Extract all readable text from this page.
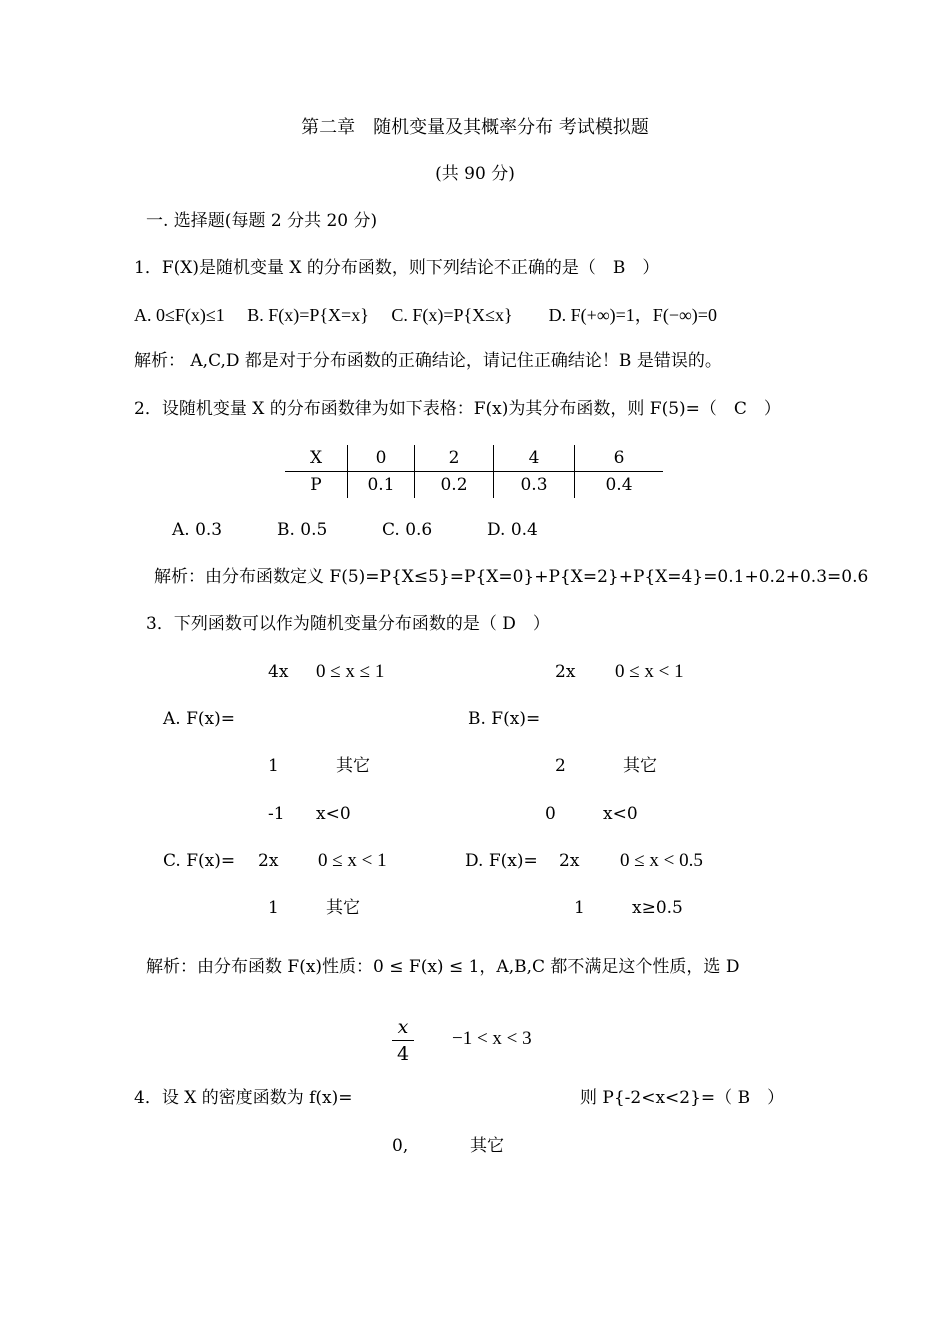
第二章　随机变量及其概率分布 考试模拟题
(共 90 分)
一. 选择题(每题 2 分共 20 分)
1．F(X)是随机变量 X 的分布函数，则下列结论不正确的是（　B　）
A. 0≤F(x)≤1　 B. F(x)=P{X=x}　 C. F(x)=P{X≤x}　　D. F(+∞)=1，F(−∞)=0
解析： A,C,D 都是对于分布函数的正确结论，请记住正确结论！B 是错误的。
2．设随机变量 X 的分布函数律为如下表格：F(x)为其分布函数，则 F(5)=（　C　）
X	0	2	4	6
P	0.1	0.2	0.3	0.4
A. 0.3	B. 0.5	C. 0.6	D. 0.4
解析：由分布函数定义 F(5)=P{X≤5}=P{X=0}+P{X=2}+P{X=4}=0.1+0.2+0.3=0.6
3．下列函数可以作为随机变量分布函数的是（ D　）
4x 0 ≤ x ≤ 1	2x 0 ≤ x < 1
A. F(x)=	B. F(x)=
1	其它	2	其它
-1 x<0	0	x<0
C. F(x)= 2x 0 ≤ x < 1	D. F(x)= 2x 0 ≤ x < 0.5
1	其它	1	x≥0.5
解析：由分布函数 F(x)性质：0 ≤ F(x) ≤ 1，A,B,C 都不满足这个性质，选 D
x
4
−1 < x < 3
4．设 X 的密度函数为 f(x)=	则 P{-2<x<2}=（ B　）
0,	其它
